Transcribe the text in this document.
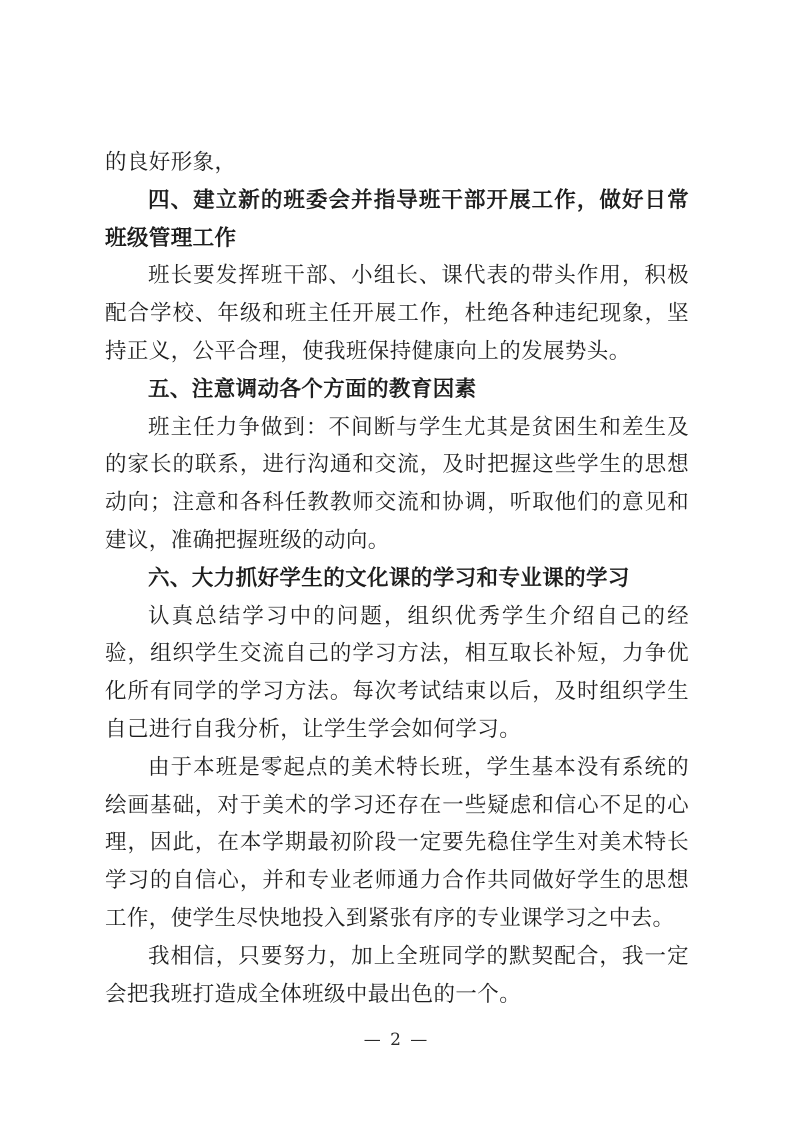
的良好形象，

四、建立新的班委会并指导班干部开展工作，做好日常班级管理工作

班长要发挥班干部、小组长、课代表的带头作用，积极配合学校、年级和班主任开展工作，杜绝各种违纪现象，坚持正义，公平合理，使我班保持健康向上的发展势头。

五、注意调动各个方面的教育因素

班主任力争做到：不间断与学生尤其是贫困生和差生及的家长的联系，进行沟通和交流，及时把握这些学生的思想动向；注意和各科任教教师交流和协调，听取他们的意见和建议，准确把握班级的动向。

六、大力抓好学生的文化课的学习和专业课的学习

认真总结学习中的问题，组织优秀学生介绍自己的经验，组织学生交流自己的学习方法，相互取长补短，力争优化所有同学的学习方法。每次考试结束以后，及时组织学生自己进行自我分析，让学生学会如何学习。

由于本班是零起点的美术特长班，学生基本没有系统的绘画基础，对于美术的学习还存在一些疑虑和信心不足的心理，因此，在本学期最初阶段一定要先稳住学生对美术特长学习的自信心，并和专业老师通力合作共同做好学生的思想工作，使学生尽快地投入到紧张有序的专业课学习之中去。

我相信，只要努力，加上全班同学的默契配合，我一定会把我班打造成全体班级中最出色的一个。

— 2 —
